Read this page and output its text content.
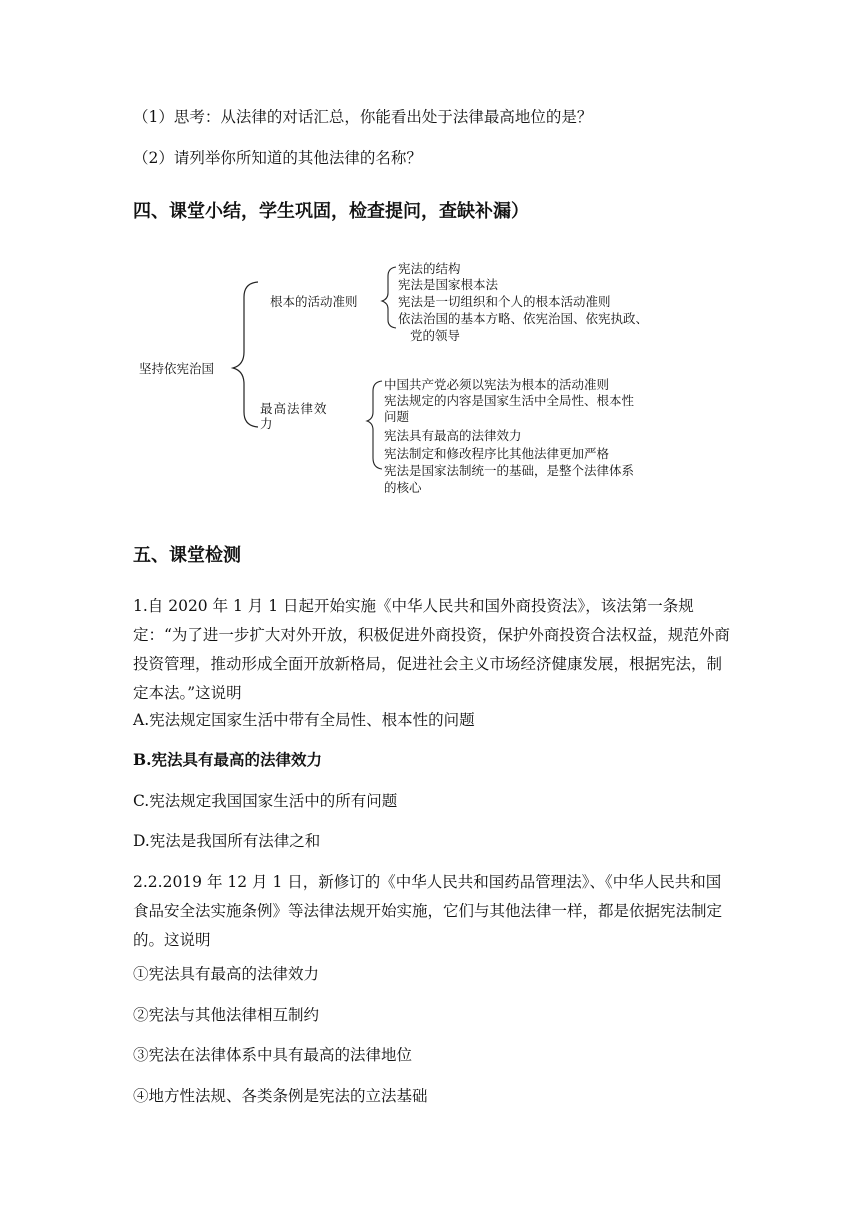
（1）思考：从法律的对话汇总，你能看出处于法律最高地位的是？
（2）请列举你所知道的其他法律的名称？
四、课堂小结，学生巩固，检查提问，查缺补漏）
坚持依宪治国
根本的活动准则
宪法的结构
宪法是国家根本法
宪法是一切组织和个人的根本活动准则
依法治国的基本方略、依宪治国、依宪执政、
党的领导
最高法律效
力
中国共产党必须以宪法为根本的活动准则
宪法规定的内容是国家生活中全局性、根本性
问题
宪法具有最高的法律效力
宪法制定和修改程序比其他法律更加严格
宪法是国家法制统一的基础，是整个法律体系
的核心
五、课堂检测
1.自 2020 年 1 月 1 日起开始实施《中华人民共和国外商投资法》，该法第一条规定：“为了进一步扩大对外开放，积极促进外商投资，保护外商投资合法权益，规范外商投资管理，推动形成全面开放新格局，促进社会主义市场经济健康发展，根据宪法，制定本法。”这说明
A.宪法规定国家生活中带有全局性、根本性的问题
B.宪法具有最高的法律效力
C.宪法规定我国国家生活中的所有问题
D.宪法是我国所有法律之和
2.2.2019 年 12 月 1 日，新修订的《中华人民共和国药品管理法》、《中华人民共和国食品安全法实施条例》等法律法规开始实施，它们与其他法律一样，都是依据宪法制定的。这说明
①宪法具有最高的法律效力
②宪法与其他法律相互制约
③宪法在法律体系中具有最高的法律地位
④地方性法规、各类条例是宪法的立法基础
